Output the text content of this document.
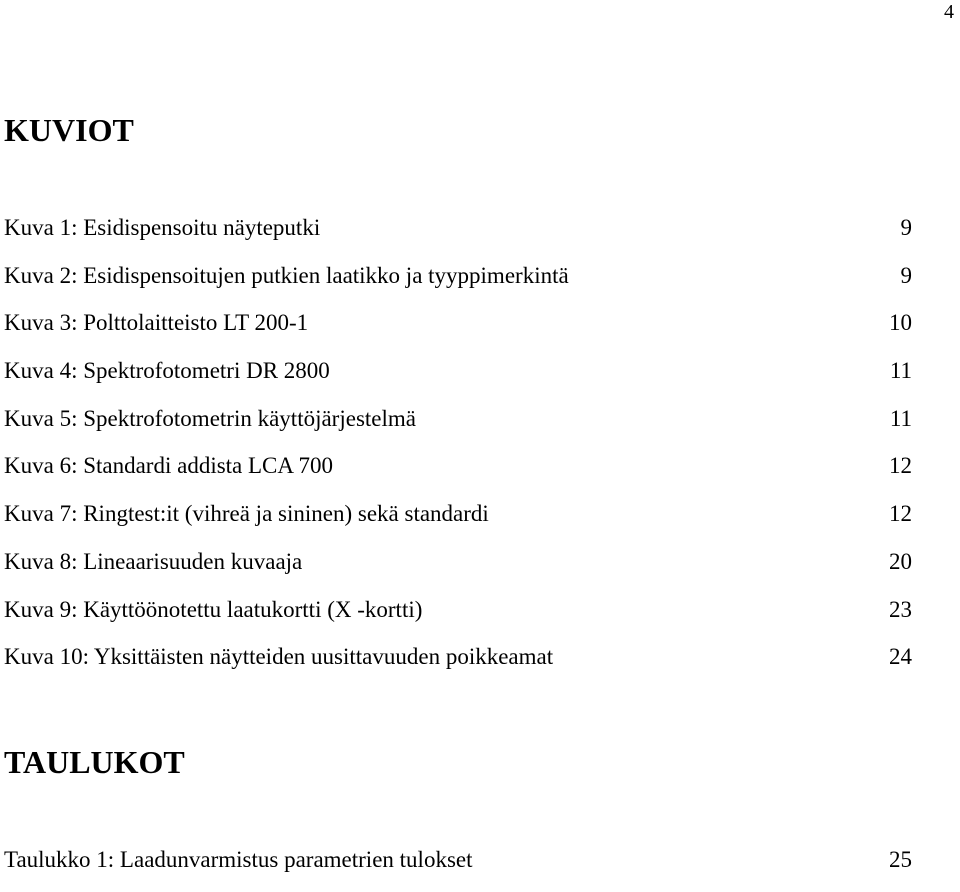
4
KUVIOT
Kuva 1: Esidispensoitu näyteputki	9
Kuva 2: Esidispensoitujen putkien laatikko ja tyyppimerkintä	9
Kuva 3: Polttolaitteisto LT 200-1	10
Kuva 4: Spektrofotometri DR 2800	11
Kuva 5: Spektrofotometrin käyttöjärjestelmä	11
Kuva 6: Standardi addista LCA 700	12
Kuva 7: Ringtest:it (vihreä ja sininen) sekä standardi	12
Kuva 8: Lineaarisuuden kuvaaja	20
Kuva 9: Käyttöönotettu laatukortti (X -kortti)	23
Kuva 10: Yksittäisten näytteiden uusittavuuden poikkeamat	24
TAULUKOT
Taulukko 1: Laadunvarmistus parametrien tulokset	25
